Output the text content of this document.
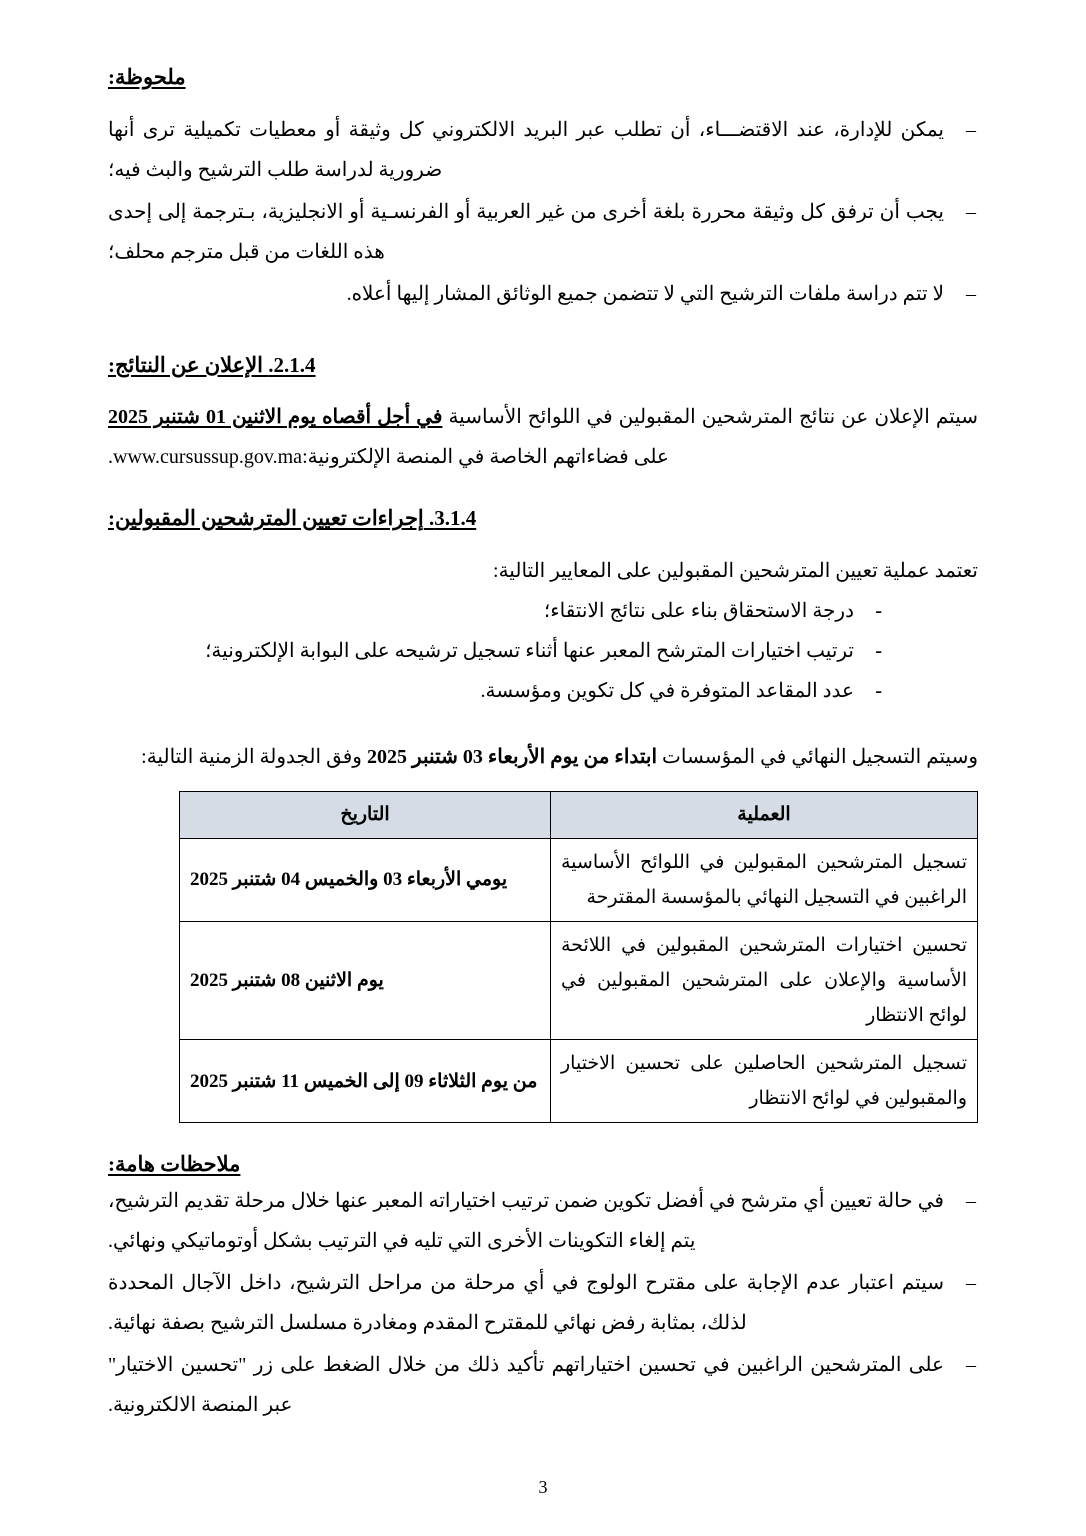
ملحوظة:
– يمكن للإدارة، عند الاقتضـــاء، أن تطلب عبر البريد الالكتروني كل وثيقة أو معطيات تكميلية ترى أنها ضرورية لدراسة طلب الترشيح والبث فيه؛
– يجب أن ترفق كل وثيقة محررة بلغة أخرى من غير العربية أو الفرنسـية أو الانجليزية، بـترجمة إلى إحدى هذه اللغات من قبل مترجم محلف؛
– لا تتم دراسة ملفات الترشيح التي لا تتضمن جميع الوثائق المشار إليها أعلاه.
2.1.4. الإعلان عن النتائج:

سيتم الإعلان عن نتائج المترشحين المقبولين في اللوائح الأساسية في أجل أقصاه يوم الاثنين 01 شتنبر 2025 على فضاءاتهم الخاصة في المنصة الإلكترونية:www.cursussup.gov.ma.

3.1.4. إجراءات تعيين المترشحين المقبولين:

تعتمد عملية تعيين المترشحين المقبولين على المعايير التالية:

- درجة الاستحقاق بناء على نتائج الانتقاء؛
- ترتيب اختيارات المترشح المعبر عنها أثناء تسجيل ترشيحه على البوابة الإلكترونية؛
- عدد المقاعد المتوفرة في كل تكوين ومؤسسة.

وسيتم التسجيل النهائي في المؤسسات ابتداء من يوم الأربعاء 03 شتنبر 2025 وفق الجدولة الزمنية التالية:

العملية	التاريخ
تسجيل المترشحين المقبولين في اللوائح الأساسية الراغبين في التسجيل النهائي بالمؤسسة المقترحة	يومي الأربعاء 03 والخميس 04 شتنبر 2025
تحسين اختيارات المترشحين المقبولين في اللائحة الأساسية والإعلان على المترشحين المقبولين في لوائح الانتظار	يوم الاثنين 08 شتنبر 2025
تسجيل المترشحين الحاصلين على تحسين الاختيار والمقبولين في لوائح الانتظار	من يوم الثلاثاء 09 إلى الخميس 11 شتنبر 2025
ملاحظات هامة:
– في حالة تعيين أي مترشح في أفضل تكوين ضمن ترتيب اختياراته المعبر عنها خلال مرحلة تقديم الترشيح، يتم إلغاء التكوينات الأخرى التي تليه في الترتيب بشكل أوتوماتيكي ونهائي.
– سيتم اعتبار عدم الإجابة على مقترح الولوج في أي مرحلة من مراحل الترشيح، داخل الآجال المحددة لذلك، بمثابة رفض نهائي للمقترح المقدم ومغادرة مسلسل الترشيح بصفة نهائية.
– على المترشحين الراغبين في تحسين اختياراتهم تأكيد ذلك من خلال الضغط على زر "تحسين الاختيار" عبر المنصة الالكترونية.
3
